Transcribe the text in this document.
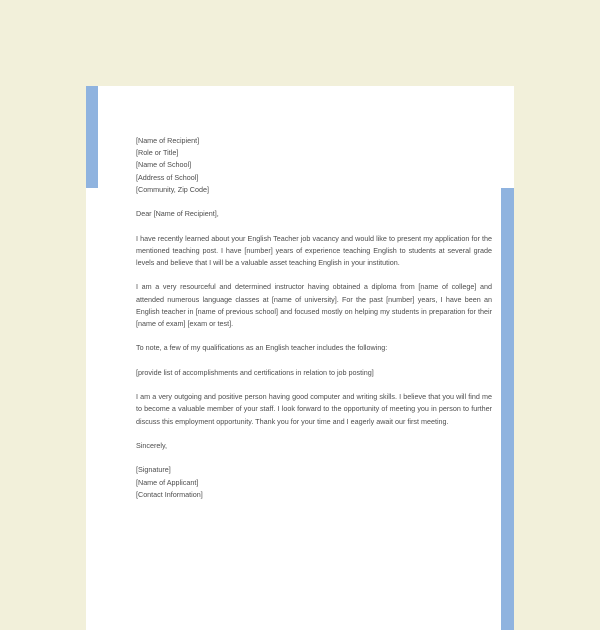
[Name of Recipient]
[Role or Title]
[Name of School]
[Address of School]
[Community, Zip Code]
Dear [Name of Recipient],

I have recently learned about your English Teacher job vacancy and would like to present my application for the mentioned teaching post. I have [number] years of experience teaching English to students at several grade levels and believe that I will be a valuable asset teaching English in your institution.

I am a very resourceful and determined instructor having obtained a diploma from [name of college] and attended numerous language classes at [name of university]. For the past [number] years, I have been an English teacher in [name of previous school] and focused mostly on helping my students in preparation for their [name of exam] [exam or test].

To note, a few of my qualifications as an English teacher includes the following:

[provide list of accomplishments and certifications in relation to job posting]

I am a very outgoing and positive person having good computer and writing skills. I believe that you will find me to become a valuable member of your staff. I look forward to the opportunity of meeting you in person to further discuss this employment opportunity. Thank you for your time and I eagerly await our first meeting.

Sincerely,
[Signature]
[Name of Applicant]
[Contact Information]
